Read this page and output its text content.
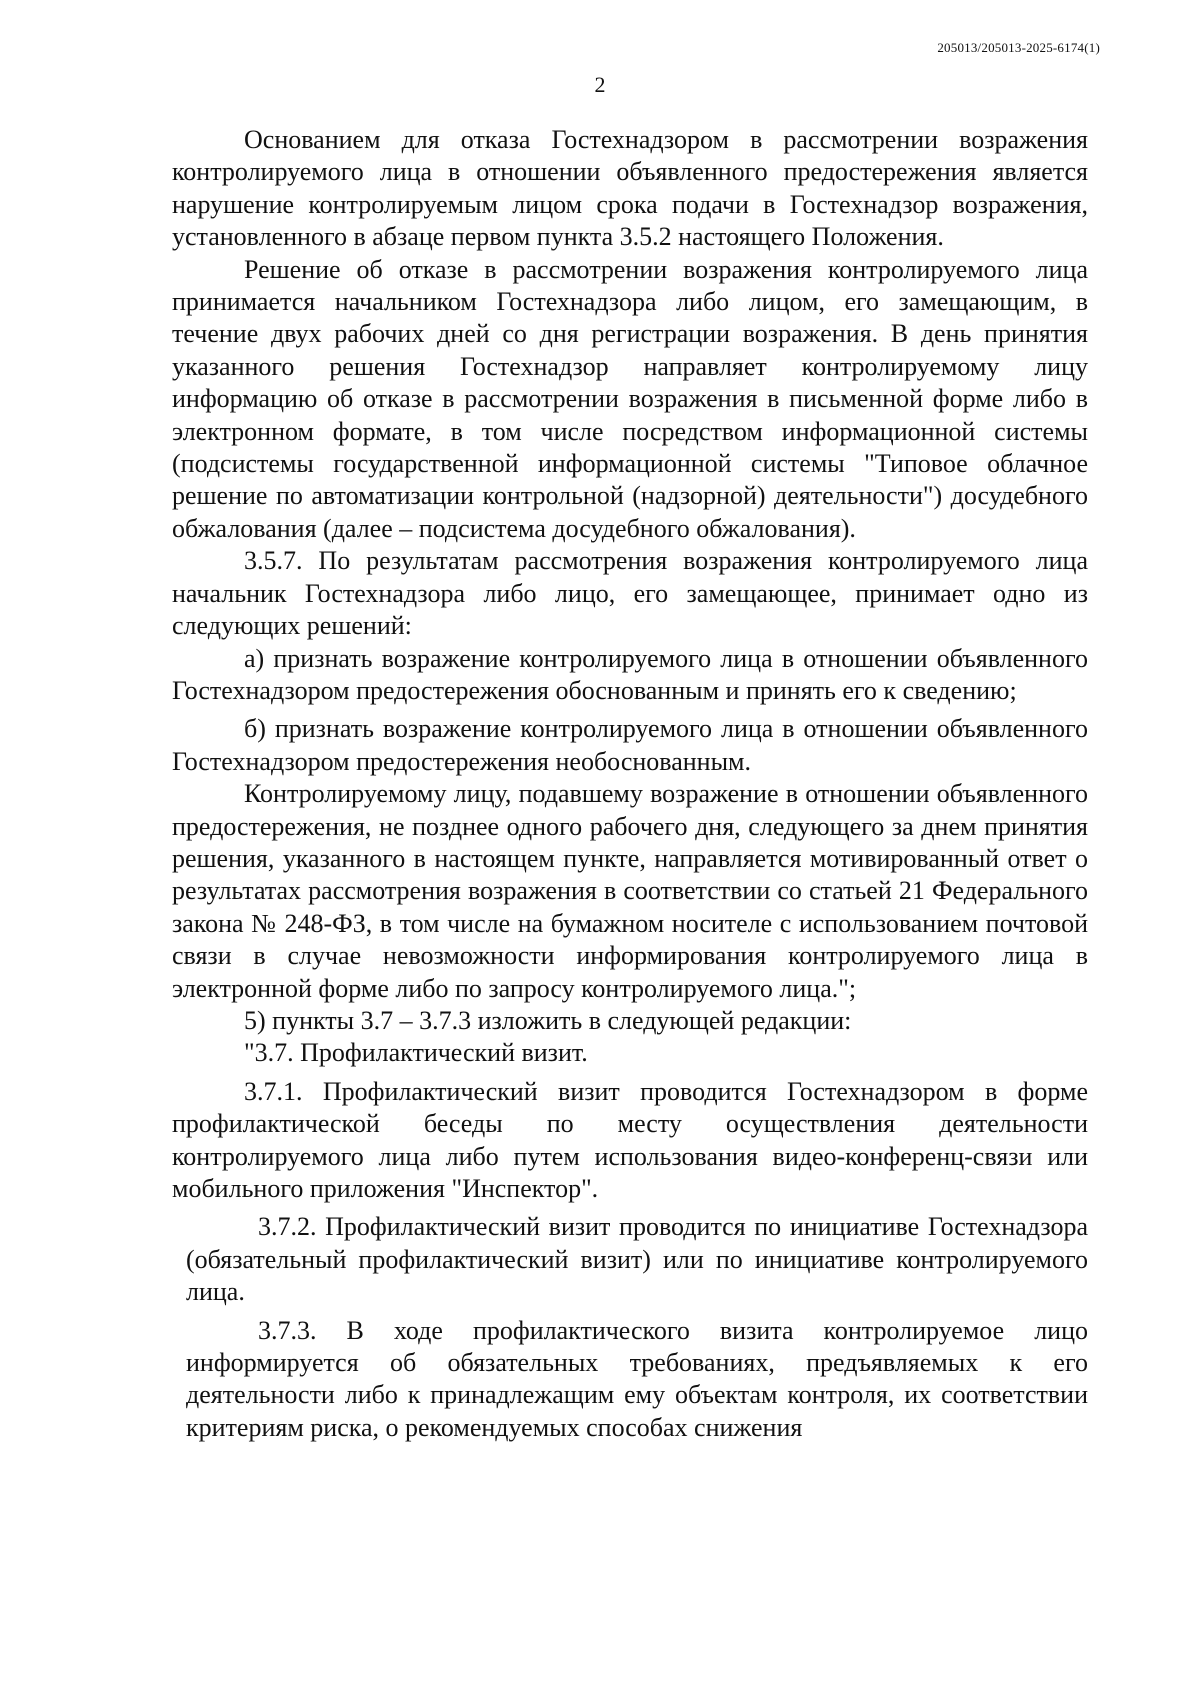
205013/205013-2025-6174(1)
2

Основанием для отказа Гостехнадзором в рассмотрении возражения контролируемого лица в отношении объявленного предостережения является нарушение контролируемым лицом срока подачи в Гостехнадзор возражения, установленного в абзаце первом пункта 3.5.2 настоящего Положения.

Решение об отказе в рассмотрении возражения контролируемого лица принимается начальником Гостехнадзора либо лицом, его замещающим, в течение двух рабочих дней со дня регистрации возражения. В день принятия указанного решения Гостехнадзор направляет контролируемому лицу информацию об отказе в рассмотрении возражения в письменной форме либо в электронном формате, в том числе посредством информационной системы (подсистемы государственной информационной системы "Типовое облачное решение по автоматизации контрольной (надзорной) деятельности") досудебного обжалования (далее – подсистема досудебного обжалования).

3.5.7. По результатам рассмотрения возражения контролируемого лица начальник Гостехнадзора либо лицо, его замещающее, принимает одно из следующих решений:

а) признать возражение контролируемого лица в отношении объявленного Гостехнадзором предостережения обоснованным и принять его к сведению;

б) признать возражение контролируемого лица в отношении объявленного Гостехнадзором предостережения необоснованным.

Контролируемому лицу, подавшему возражение в отношении объявленного предостережения, не позднее одного рабочего дня, следующего за днем принятия решения, указанного в настоящем пункте, направляется мотивированный ответ о результатах рассмотрения возражения в соответствии со статьей 21 Федерального закона № 248-ФЗ, в том числе на бумажном носителе с использованием почтовой связи в случае невозможности информирования контролируемого лица в электронной форме либо по запросу контролируемого лица.";

5) пункты 3.7 – 3.7.3 изложить в следующей редакции:

"3.7. Профилактический визит.

3.7.1. Профилактический визит проводится Гостехнадзором в форме профилактической беседы по месту осуществления деятельности контролируемого лица либо путем использования видео-конференц-связи или мобильного приложения "Инспектор".

3.7.2. Профилактический визит проводится по инициативе Гостехнадзора (обязательный профилактический визит) или по инициативе контролируемого лица.

3.7.3. В ходе профилактического визита контролируемое лицо информируется об обязательных требованиях, предъявляемых к его деятельности либо к принадлежащим ему объектам контроля, их соответствии критериям риска, о рекомендуемых способах снижения
